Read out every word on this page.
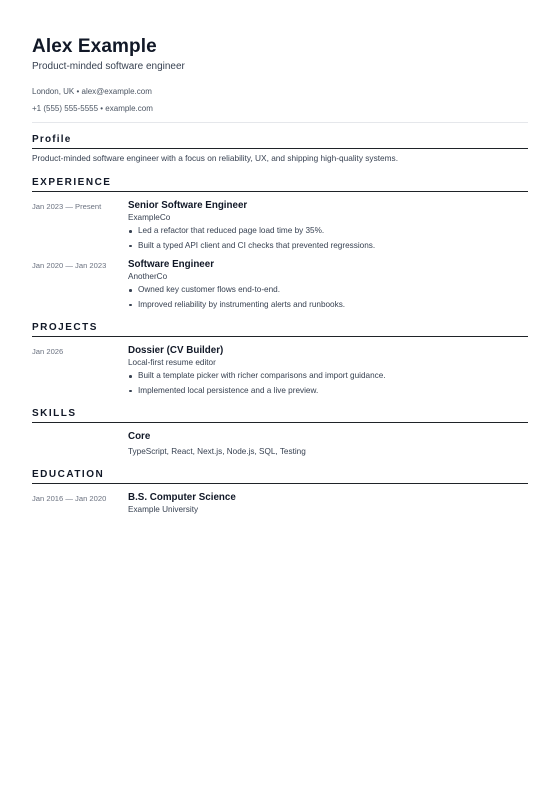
Alex Example
Product-minded software engineer
London, UK • alex@example.com
+1 (555) 555-5555 • example.com
Profile
Product-minded software engineer with a focus on reliability, UX, and shipping high-quality systems.
EXPERIENCE
Jan 2023 — Present	Senior Software Engineer
ExampleCo
Led a refactor that reduced page load time by 35%.
Built a typed API client and CI checks that prevented regressions.
Jan 2020 — Jan 2023	Software Engineer
AnotherCo
Owned key customer flows end-to-end.
Improved reliability by instrumenting alerts and runbooks.
PROJECTS
Jan 2026	Dossier (CV Builder)
Local-first resume editor
Built a template picker with richer comparisons and import guidance.
Implemented local persistence and a live preview.
SKILLS
Core
TypeScript, React, Next.js, Node.js, SQL, Testing
EDUCATION
Jan 2016 — Jan 2020	B.S. Computer Science
Example University
